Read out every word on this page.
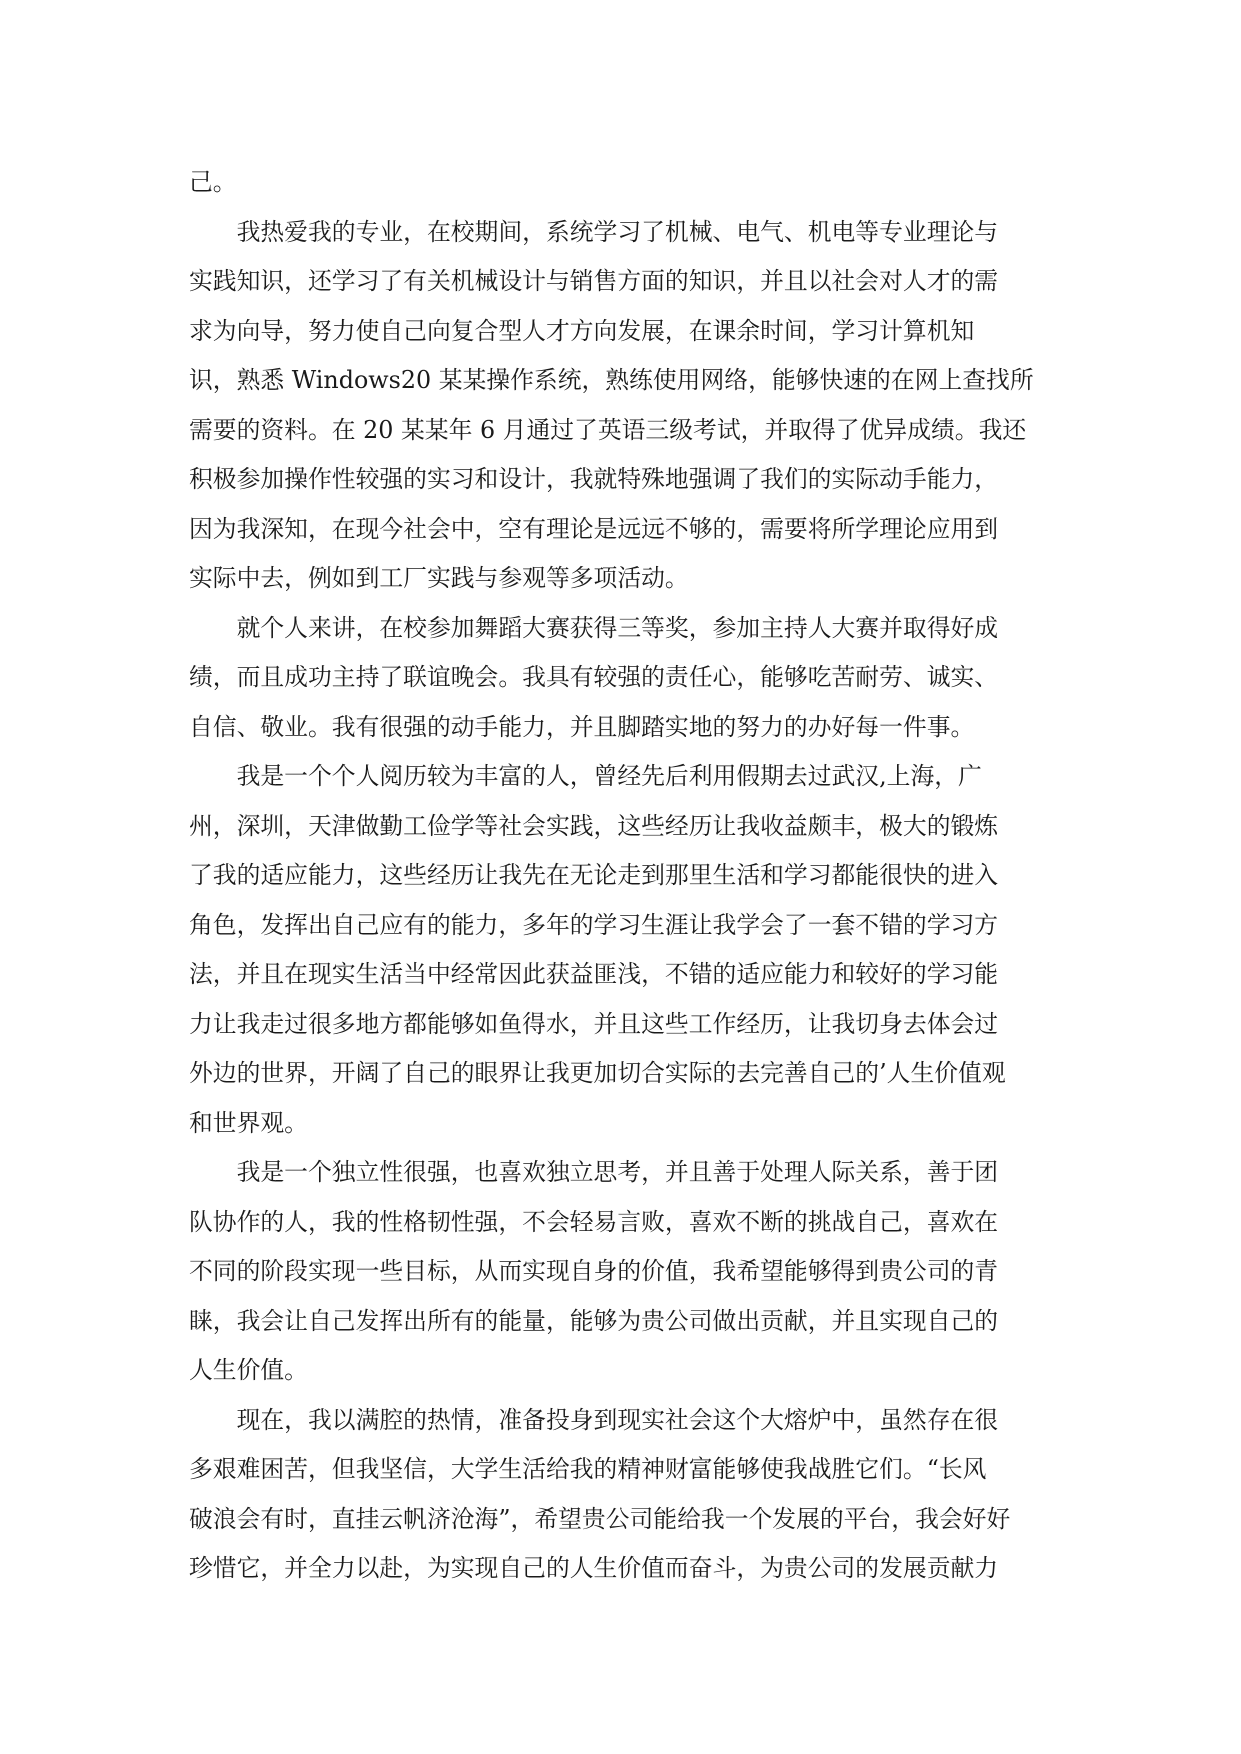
己。
　　我热爱我的专业，在校期间，系统学习了机械、电气、机电等专业理论与
实践知识，还学习了有关机械设计与销售方面的知识，并且以社会对人才的需
求为向导，努力使自己向复合型人才方向发展，在课余时间，学习计算机知
识，熟悉 Windows20 某某操作系统，熟练使用网络，能够快速的在网上查找所
需要的资料。在 20 某某年 6 月通过了英语三级考试，并取得了优异成绩。我还
积极参加操作性较强的实习和设计，我就特殊地强调了我们的实际动手能力，
因为我深知，在现今社会中，空有理论是远远不够的，需要将所学理论应用到
实际中去，例如到工厂实践与参观等多项活动。
　　就个人来讲，在校参加舞蹈大赛获得三等奖，参加主持人大赛并取得好成
绩，而且成功主持了联谊晚会。我具有较强的责任心，能够吃苦耐劳、诚实、
自信、敬业。我有很强的动手能力，并且脚踏实地的努力的办好每一件事。
　　我是一个个人阅历较为丰富的人，曾经先后利用假期去过武汉,上海，广
州，深圳，天津做勤工俭学等社会实践，这些经历让我收益颇丰，极大的锻炼
了我的适应能力，这些经历让我先在无论走到那里生活和学习都能很快的进入
角色，发挥出自己应有的能力，多年的学习生涯让我学会了一套不错的学习方
法，并且在现实生活当中经常因此获益匪浅，不错的适应能力和较好的学习能
力让我走过很多地方都能够如鱼得水，并且这些工作经历，让我切身去体会过
外边的世界，开阔了自己的眼界让我更加切合实际的去完善自己的’人生价值观
和世界观。
　　我是一个独立性很强，也喜欢独立思考，并且善于处理人际关系，善于团
队协作的人，我的性格韧性强，不会轻易言败，喜欢不断的挑战自己，喜欢在
不同的阶段实现一些目标，从而实现自身的价值，我希望能够得到贵公司的青
睐，我会让自己发挥出所有的能量，能够为贵公司做出贡献，并且实现自己的
人生价值。
　　现在，我以满腔的热情，准备投身到现实社会这个大熔炉中，虽然存在很
多艰难困苦，但我坚信，大学生活给我的精神财富能够使我战胜它们。“长风
破浪会有时，直挂云帆济沧海”，希望贵公司能给我一个发展的平台，我会好好
珍惜它，并全力以赴，为实现自己的人生价值而奋斗，为贵公司的发展贡献力
